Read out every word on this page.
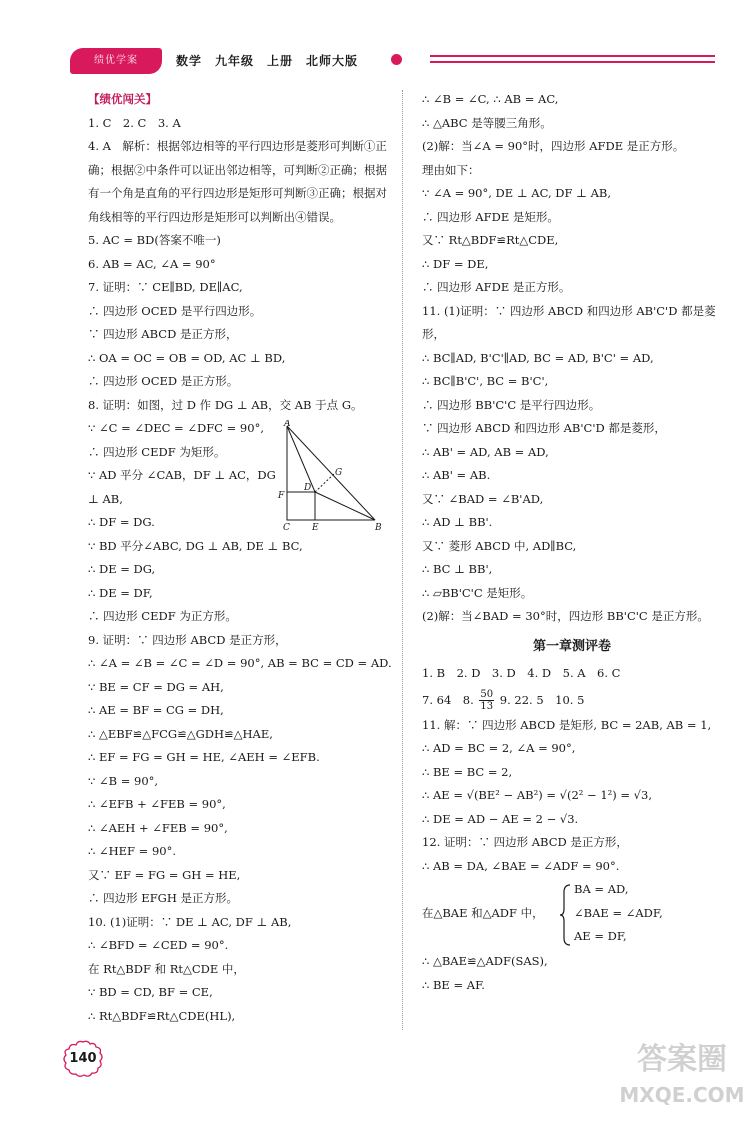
绩优学案	数学　九年级　上册　北师大版
【绩优闯关】
1. C　2. C　3. A
4. A　解析：根据邻边相等的平行四边形是菱形可判断①正确；根据②中条件可以证出邻边相等，可判断②正确；根据有一个角是直角的平行四边形是矩形可判断③正确；根据对角线相等的平行四边形是矩形可以判断出④错误。
5. AC = BD(答案不唯一)
6. AB = AC, ∠A = 90°
7. 证明：∵ CE∥BD, DE∥AC,
∴ 四边形 OCED 是平行四边形。
∵ 四边形 ABCD 是正方形，
∴ OA = OC = OB = OD, AC ⊥ BD,
∴ 四边形 OCED 是正方形。
8. 证明：如图，过 D 作 DG ⊥ AB，交 AB 于点 G。
∵ ∠C = ∠DEC = ∠DFC = 90°,
∴ 四边形 CEDF 为矩形。
∵ AD 平分 ∠CAB，DF ⊥ AC，DG
⊥ AB,
∴ DF = DG.
∵ BD 平分∠ABC, DG ⊥ AB, DE ⊥ BC,
∴ DE = DG,
∴ DE = DF,
∴ 四边形 CEDF 为正方形。
9. 证明：∵ 四边形 ABCD 是正方形，
∴ ∠A = ∠B = ∠C = ∠D = 90°, AB = BC = CD = AD.
∵ BE = CF = DG = AH,
∴ AE = BF = CG = DH,
∴ △EBF≌△FCG≌△GDH≌△HAE,
∴ EF = FG = GH = HE, ∠AEH = ∠EFB.
∵ ∠B = 90°,
∴ ∠EFB + ∠FEB = 90°,
∴ ∠AEH + ∠FEB = 90°,
∴ ∠HEF = 90°.
又∵ EF = FG = GH = HE,
∴ 四边形 EFGH 是正方形。
10. (1)证明：∵ DE ⊥ AC, DF ⊥ AB,
∴ ∠BFD = ∠CED = 90°.
在 Rt△BDF 和 Rt△CDE 中，
∵ BD = CD, BF = CE,
∴ Rt△BDF≌Rt△CDE(HL),
A
B
C
D
E
F
G
∴ ∠B = ∠C, ∴ AB = AC,
∴ △ABC 是等腰三角形。
(2)解：当∠A = 90°时，四边形 AFDE 是正方形。
理由如下：
∵ ∠A = 90°, DE ⊥ AC, DF ⊥ AB,
∴ 四边形 AFDE 是矩形。
又∵ Rt△BDF≌Rt△CDE,
∴ DF = DE,
∴ 四边形 AFDE 是正方形。
11. (1)证明：∵ 四边形 ABCD 和四边形 AB'C'D 都是菱形，
∴ BC∥AD, B'C'∥AD, BC = AD, B'C' = AD,
∴ BC∥B'C', BC = B'C',
∴ 四边形 BB'C'C 是平行四边形。
∵ 四边形 ABCD 和四边形 AB'C'D 都是菱形，
∴ AB' = AD, AB = AD,
∴ AB' = AB.
又∵ ∠BAD = ∠B'AD,
∴ AD ⊥ BB'.
又∵ 菱形 ABCD 中, AD∥BC,
∴ BC ⊥ BB',
∴ ▱BB'C'C 是矩形。
(2)解：当∠BAD = 30°时，四边形 BB'C'C 是正方形。
第一章测评卷
1. B　2. D　3. D　4. D　5. A　6. C
7. 64　8. $\frac{50}{13} 9$. 22. 5　10. 5
11. 解：∵ 四边形 ABCD 是矩形, BC = 2AB, AB = 1,
∴ AD = BC = 2, ∠A = 90°,
∴ BE = BC = 2,
∴ AE = √(BE² − AB²) = √(2² − 1²) = √3,
∴ DE = AD − AE = 2 − √3.
12. 证明：∵ 四边形 ABCD 是正方形，
∴ AB = DA, ∠BAE = ∠ADF = 90°.
在△BAE 和△ADF 中，
BA = AD,
∠BAE = ∠ADF,
AE = DF,
∴ △BAE≌△ADF(SAS),
∴ BE = AF.
140	答案圈
MXQE.COM
